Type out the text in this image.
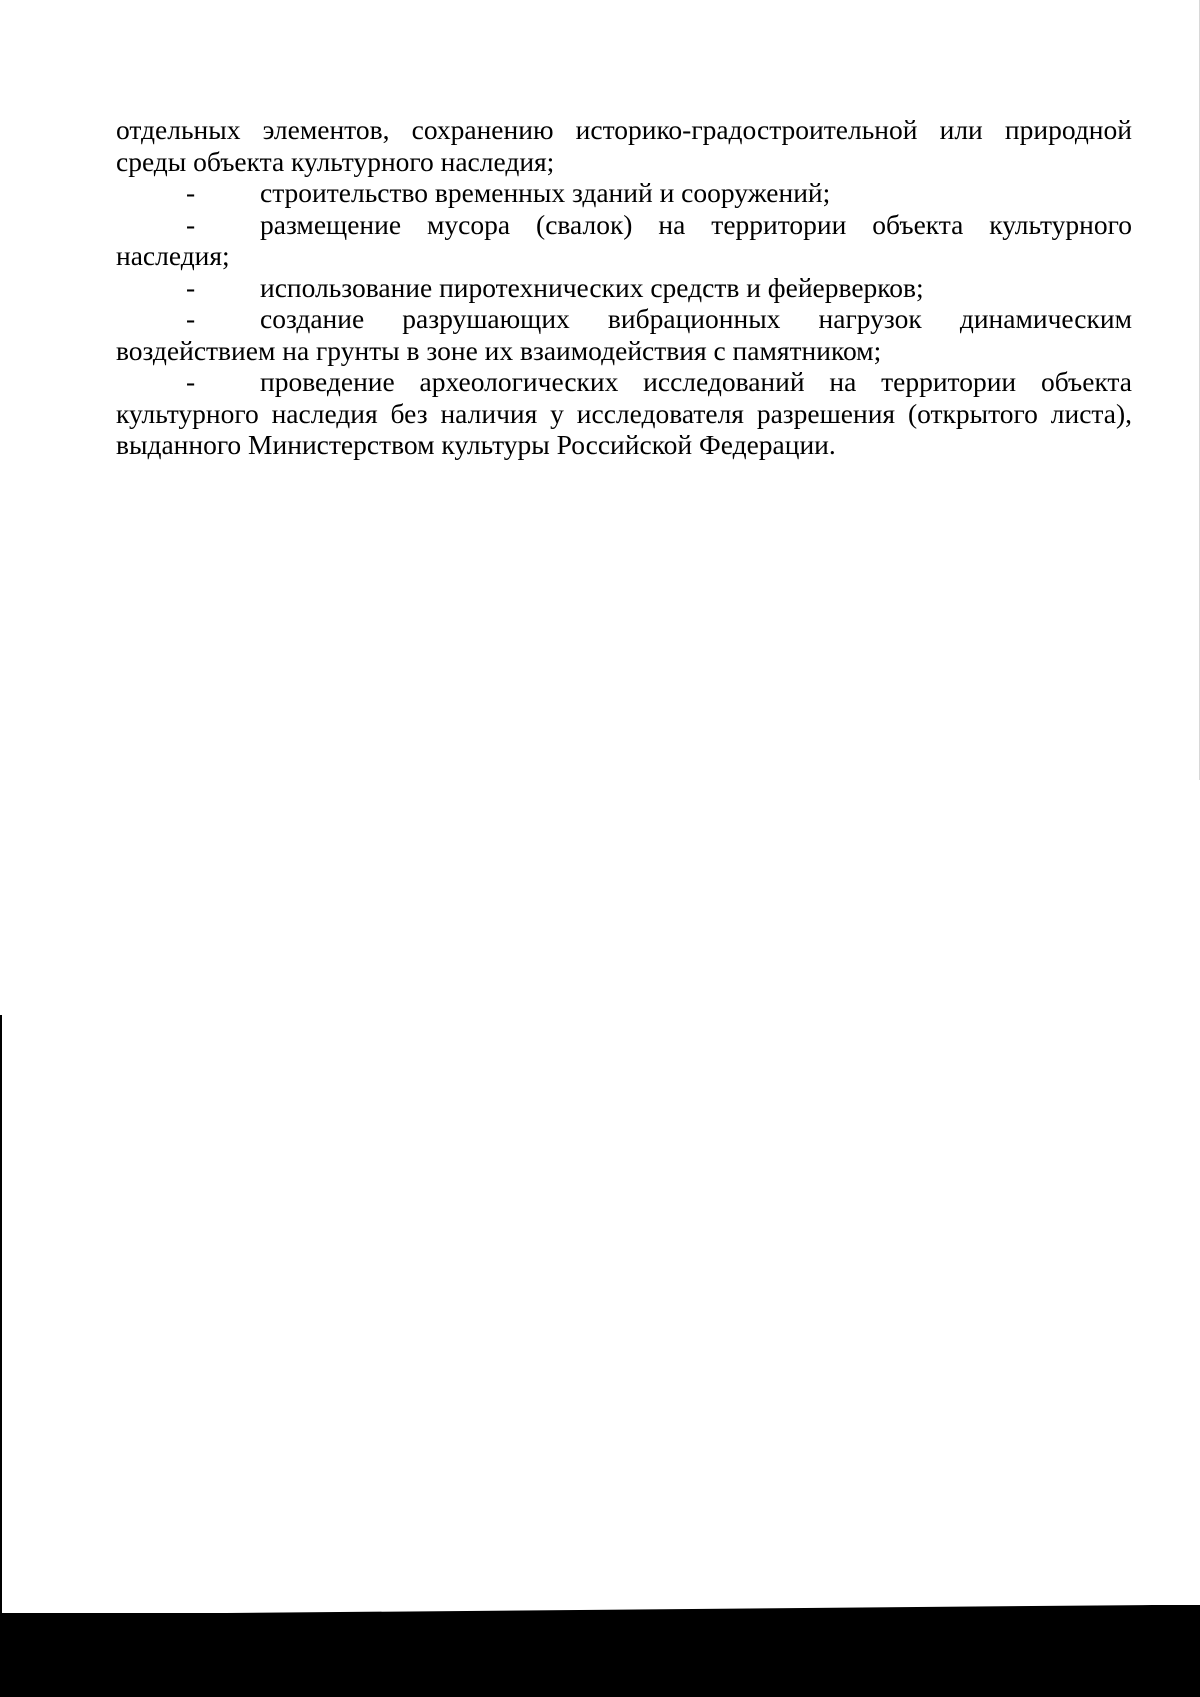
отдельных элементов, сохранению историко-градостроительной или природной среды объекта культурного наследия;

- строительство временных зданий и сооружений;

- размещение мусора (свалок) на территории объекта культурного наследия;

- использование пиротехнических средств и фейерверков;

- создание разрушающих вибрационных нагрузок динамическим воздействием на грунты в зоне их взаимодействия с памятником;

- проведение археологических исследований на территории объекта культурного наследия без наличия у исследователя разрешения (открытого листа), выданного Министерством культуры Российской Федерации.
